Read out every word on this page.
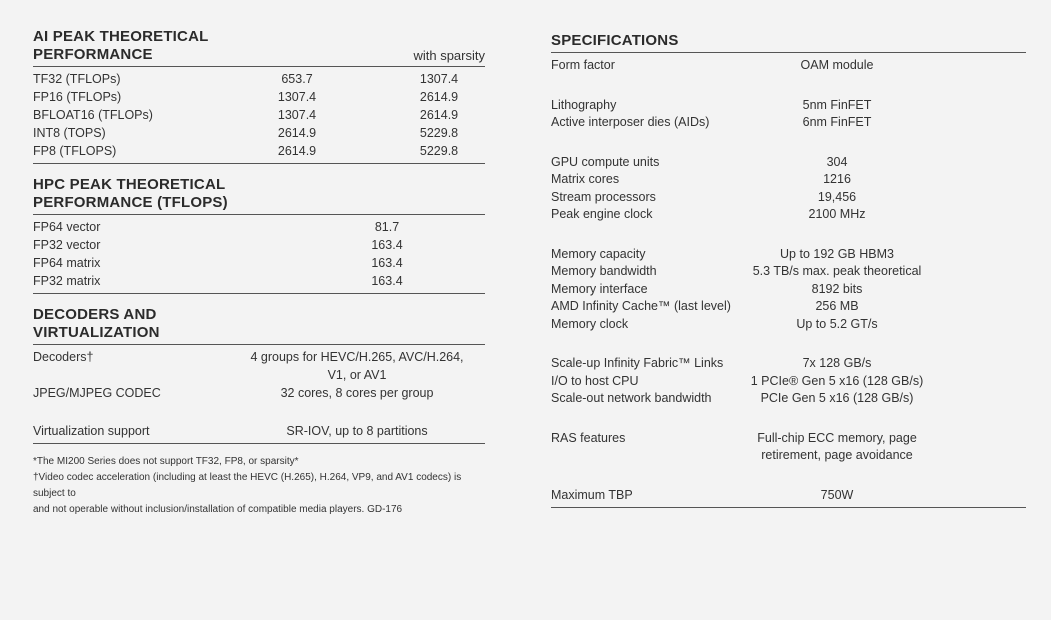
AI PEAK THEORETICAL
PERFORMANCE	with sparsity
TF32 (TFLOPs)	653.7	1307.4
FP16 (TFLOPs)	1307.4	2614.9
BFLOAT16 (TFLOPs)	1307.4	2614.9
INT8 (TOPS)	2614.9	5229.8
FP8 (TFLOPS)	2614.9	5229.8
HPC PEAK THEORETICAL
PERFORMANCE (TFLOPS)
FP64 vector	81.7
FP32 vector	163.4
FP64 matrix	163.4
FP32 matrix	163.4
DECODERS AND
VIRTUALIZATION
Decoders†	4 groups for HEVC/H.265, AVC/H.264,
V1, or AV1
JPEG/MJPEG CODEC	32 cores, 8 cores per group
Virtualization support	SR-IOV, up to 8 partitions
*The MI200 Series does not support TF32, FP8, or sparsity*
†Video codec acceleration (including at least the HEVC (H.265), H.264, VP9, and AV1 codecs) is subject to
and not operable without inclusion/installation of compatible media players. GD-176
SPECIFICATIONS
Form factor	OAM module
Lithography	5nm FinFET
Active interposer dies (AIDs)	6nm FinFET
GPU compute units	304
Matrix cores	1216
Stream processors	19,456
Peak engine clock	2100 MHz
Memory capacity	Up to 192 GB HBM3
Memory bandwidth	5.3 TB/s max. peak theoretical
Memory interface	8192 bits
AMD Infinity Cache™ (last level)	256 MB
Memory clock	Up to 5.2 GT/s
Scale-up Infinity Fabric™ Links	7x 128 GB/s
I/O to host CPU	1 PCIe® Gen 5 x16 (128 GB/s)
Scale-out network bandwidth	PCIe Gen 5 x16 (128 GB/s)
RAS features	Full-chip ECC memory, page
retirement, page avoidance
Maximum TBP	750W
